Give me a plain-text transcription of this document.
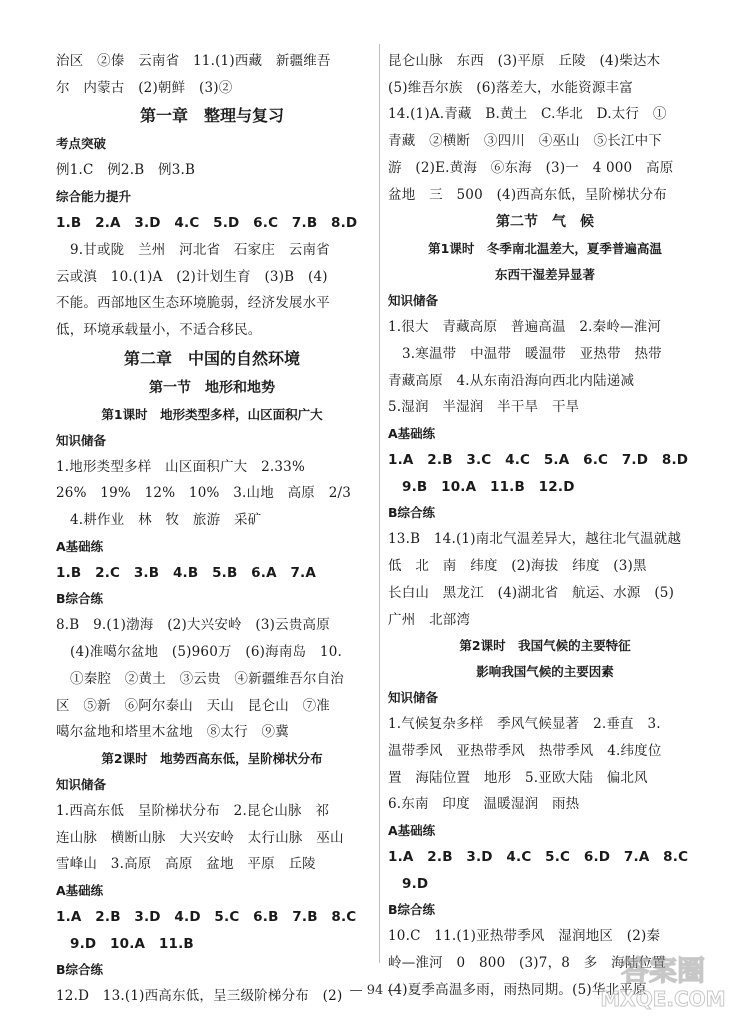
治区　②傣　云南省　11.(1)西藏　新疆维吾
尔　内蒙古　(2)朝鲜　(3)②
第一章　整理与复习
考点突破
例1.C　例2.B　例3.B
综合能力提升
1.B　2.A　3.D　4.C　5.D　6.C　7.B　8.D
9.甘或陇　兰州　河北省　石家庄　云南省
云或滇　10.(1)A　(2)计划生育　(3)B　(4)
不能。西部地区生态环境脆弱，经济发展水平
低，环境承载量小，不适合移民。
第二章　中国的自然环境
第一节　地形和地势
第1课时　地形类型多样，山区面积广大
知识储备
1.地形类型多样　山区面积广大　2.33%
26%　19%　12%　10%　3.山地　高原　2/3
4.耕作业　林　牧　旅游　采矿
A基础练
1.B　2.C　3.B　4.B　5.B　6.A　7.A
B综合练
8.B　9.(1)渤海　(2)大兴安岭　(3)云贵高原
(4)准噶尔盆地　(5)960万　(6)海南岛　10.
①秦腔　②黄土　③云贵　④新疆维吾尔自治
区　⑤新　⑥阿尔泰山　天山　昆仑山　⑦准
噶尔盆地和塔里木盆地　⑧太行　⑨冀
第2课时　地势西高东低，呈阶梯状分布
知识储备
1.西高东低　呈阶梯状分布　2.昆仑山脉　祁
连山脉　横断山脉　大兴安岭　太行山脉　巫山
雪峰山　3.高原　高原　盆地　平原　丘陵
A基础练
1.A　2.B　3.D　4.D　5.C　6.B　7.B　8.C
9.D　10.A　11.B
B综合练
12.D　13.(1)西高东低，呈三级阶梯分布　(2)
昆仑山脉　东西　(3)平原　丘陵　(4)柴达木
(5)维吾尔族　(6)落差大，水能资源丰富
14.(1)A.青藏　B.黄土　C.华北　D.太行　①
青藏　②横断　③四川　④巫山　⑤长江中下
游　(2)E.黄海　⑥东海　(3)一　4 000　高原
盆地　三　500　(4)西高东低，呈阶梯状分布
第二节　气　候
第1课时　冬季南北温差大，夏季普遍高温
东西干湿差异显著
知识储备
1.很大　青藏高原　普遍高温　2.秦岭—淮河
3.寒温带　中温带　暖温带　亚热带　热带
青藏高原　4.从东南沿海向西北内陆递减
5.湿润　半湿润　半干旱　干旱
A基础练
1.A　2.B　3.C　4.C　5.A　6.C　7.D　8.D
9.B　10.A　11.B　12.D
B综合练
13.B　14.(1)南北气温差异大，越往北气温就越
低　北　南　纬度　(2)海拔　纬度　(3)黑
长白山　黑龙江　(4)湖北省　航运、水源　(5)
广州　北部湾
第2课时　我国气候的主要特征
影响我国气候的主要因素
知识储备
1.气候复杂多样　季风气候显著　2.垂直　3.
温带季风　亚热带季风　热带季风　4.纬度位
置　海陆位置　地形　5.亚欧大陆　偏北风
6.东南　印度　温暖湿润　雨热
A基础练
1.A　2.B　3.D　4.C　5.C　6.D　7.A　8.C
9.D
B综合练
10.C　11.(1)亚热带季风　湿润地区　(2)秦
岭—淮河　0　800　(3)7，8　多　海陆位置
(4)夏季高温多雨，雨热同期。(5)华北平原
— 94 —
答案圈
MXQE.COM
